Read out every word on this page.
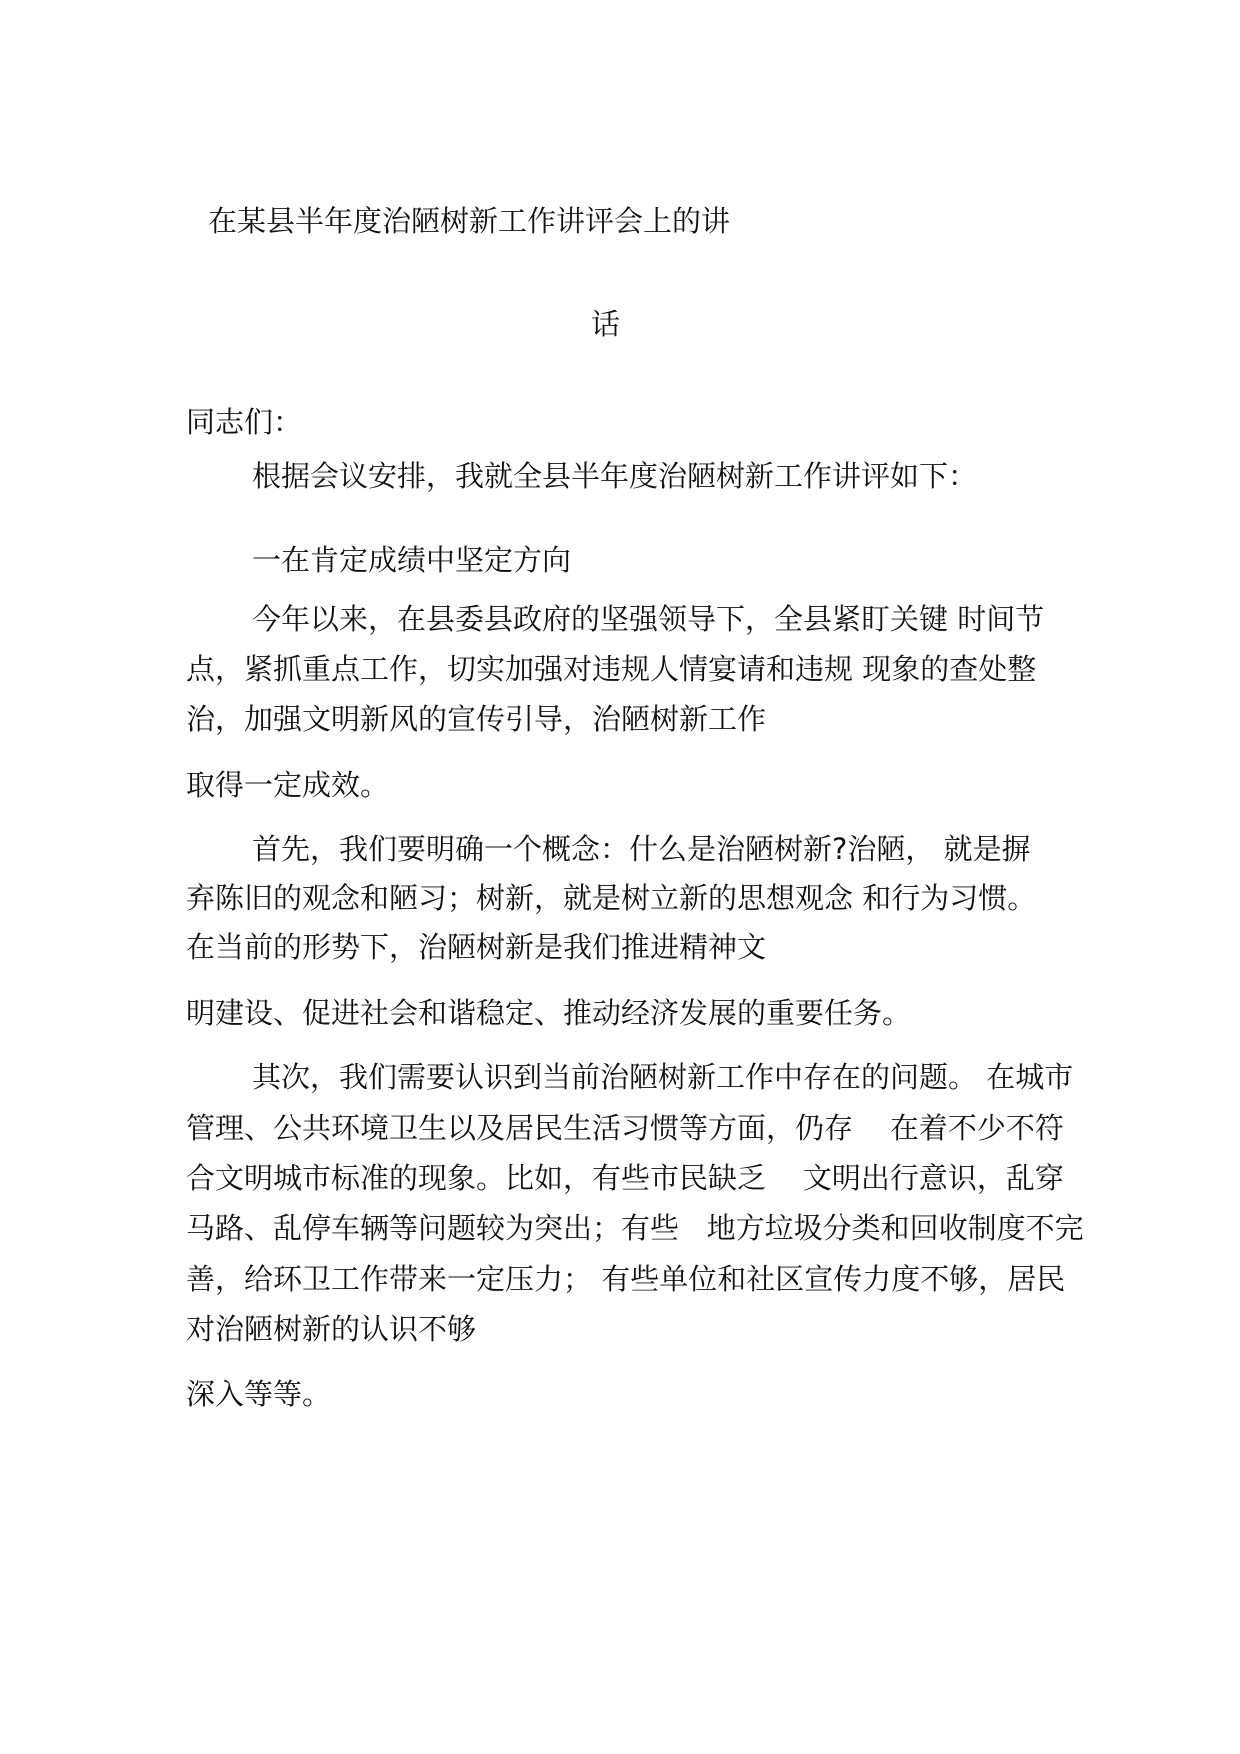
在某县半年度治陋树新工作讲评会上的讲
话
同志们：
根据会议安排，我就全县半年度治陋树新工作讲评如下：
一在肯定成绩中坚定方向
今年以来，在县委县政府的坚强领导下，全县紧盯关键 时间节
点，紧抓重点工作，切实加强对违规人情宴请和违规 现象的查处整
治，加强文明新风的宣传引导，治陋树新工作
取得一定成效。
首先，我们要明确一个概念：什么是治陋树新?治陋， 就是摒
弃陈旧的观念和陋习；树新，就是树立新的思想观念 和行为习惯。
在当前的形势下，治陋树新是我们推进精神文
明建设、促进社会和谐稳定、推动经济发展的重要任务。
其次，我们需要认识到当前治陋树新工作中存在的问题。 在城市
管理、公共环境卫生以及居民生活习惯等方面，仍存    在着不少不符
合文明城市标准的现象。比如，有些市民缺乏    文明出行意识，乱穿
马路、乱停车辆等问题较为突出；有些   地方垃圾分类和回收制度不完
善，给环卫工作带来一定压力； 有些单位和社区宣传力度不够，居民
对治陋树新的认识不够
深入等等。
